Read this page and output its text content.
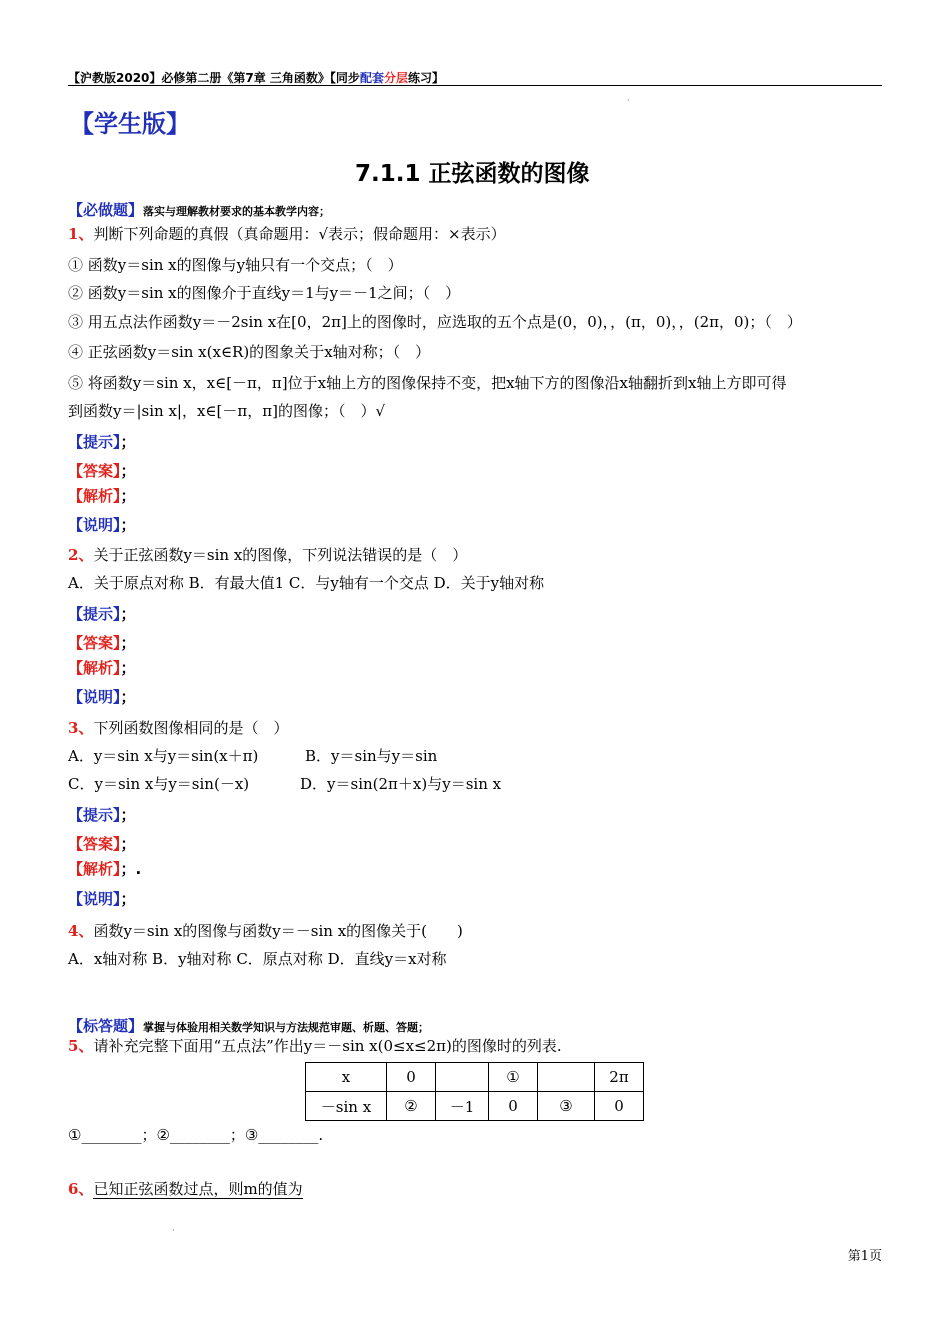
【沪教版2020】必修第二册《第7章 三角函数》【同步配套分层练习】
·
【学生版】
7.1.1 正弦函数的图像
【必做题】落实与理解教材要求的基本教学内容；
1、判断下列命题的真假（真命题用：√表示；假命题用：×表示）
① 函数y＝sin x的图像与y轴只有一个交点；（　）
② 函数y＝sin x的图像介于直线y＝1与y＝－1之间；（　）
③ 用五点法作函数y＝－2sin x在[0，2π]上的图像时，应选取的五个点是(0，0)，，(π，0)，，(2π，0)；（　）
④ 正弦函数y＝sin x(x∈R)的图象关于x轴对称；（　）
⑤ 将函数y＝sin x，x∈[－π，π]位于x轴上方的图像保持不变，把x轴下方的图像沿x轴翻折到x轴上方即可得
到函数y＝|sin x|，x∈[－π，π]的图像；（　）√
【提示】；
【答案】；
【解析】；
【说明】；
2、关于正弦函数y＝sin x的图像，下列说法错误的是（　）
A．关于原点对称 B．有最大值1 C．与y轴有一个交点 D．关于y轴对称
【提示】；
【答案】；
【解析】；
【说明】；
3、下列函数图像相同的是（　）
A．y＝sin x与y＝sin(x＋π)	B．y＝sin与y＝sin
C．y＝sin x与y＝sin(－x)	D．y＝sin(2π＋x)与y＝sin x
【提示】；
【答案】；
【解析】；.
【说明】；
4、函数y＝sin x的图像与函数y＝－sin x的图像关于(　　)
A．x轴对称 B．y轴对称 C．原点对称 D．直线y＝x对称
【标答题】掌握与体验用相关数学知识与方法规范审题、析题、答题；
5、请补充完整下面用“五点法”作出y＝－sin x(0≤x≤2π)的图像时的列表.
x	0		①		2π
－sin x	②	－1	0	③	0
①________；②________；③________.
6、已知正弦函数过点，则m的值为
·
第1页
